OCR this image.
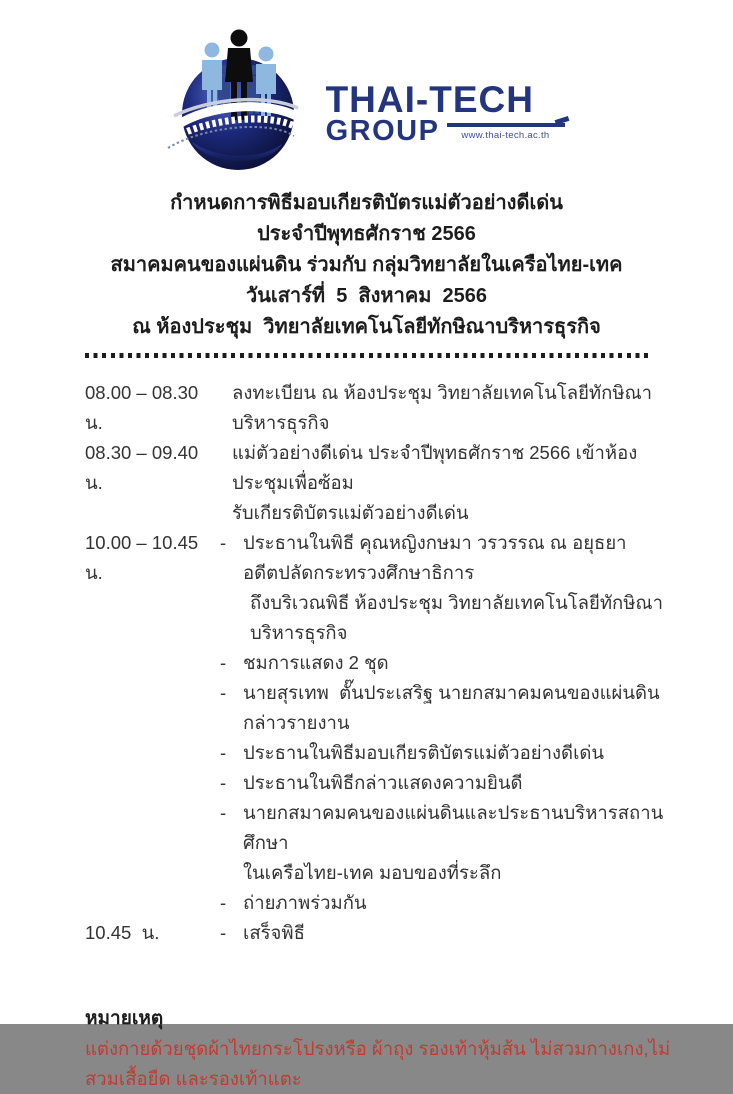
THAI-TECH
GROUP	www.thai-tech.ac.th
กำหนดการพิธีมอบเกียรติบัตรแม่ตัวอย่างดีเด่น
ประจำปีพุทธศักราช 2566
สมาคมคนของแผ่นดิน ร่วมกับ กลุ่มวิทยาลัยในเครือไทย-เทค
วันเสาร์ที่  5  สิงหาคม  2566
ณ ห้องประชุม  วิทยาลัยเทคโนโลยีทักษิณาบริหารธุรกิจ
08.00 – 08.30 น.
ลงทะเบียน ณ ห้องประชุม วิทยาลัยเทคโนโลยีทักษิณาบริหารธุรกิจ
08.30 – 09.40 น.
แม่ตัวอย่างดีเด่น ประจำปีพุทธศักราช 2566 เข้าห้องประชุมเพื่อซ้อม
รับเกียรติบัตรแม่ตัวอย่างดีเด่น
10.00 – 10.45 น.
- ประธานในพิธี คุณหญิงกษมา วรวรรณ ณ อยุธยา
อดีตปลัดกระทรวงศึกษาธิการ
ถึงบริเวณพิธี ห้องประชุม วิทยาลัยเทคโนโลยีทักษิณาบริหารธุรกิจ
- ชมการแสดง 2 ชุด
- นายสุรเทพ  ตั๊นประเสริฐ นายกสมาคมคนของแผ่นดิน กล่าวรายงาน
- ประธานในพิธีมอบเกียรติบัตรแม่ตัวอย่างดีเด่น
- ประธานในพิธีกล่าวแสดงความยินดี
- นายกสมาคมคนของแผ่นดินและประธานบริหารสถานศึกษา
ในเครือไทย-เทค มอบของที่ระลึก
- ถ่ายภาพร่วมกัน
10.45  น.	- เสร็จพิธี
หมายเหตุ
แต่งกายด้วยชุดผ้าไทยกระโปรงหรือ ผ้าถุง รองเท้าหุ้มส้น ไม่สวมกางเกง,ไม่สวมเสื้อยืด และรองเท้าแตะ
